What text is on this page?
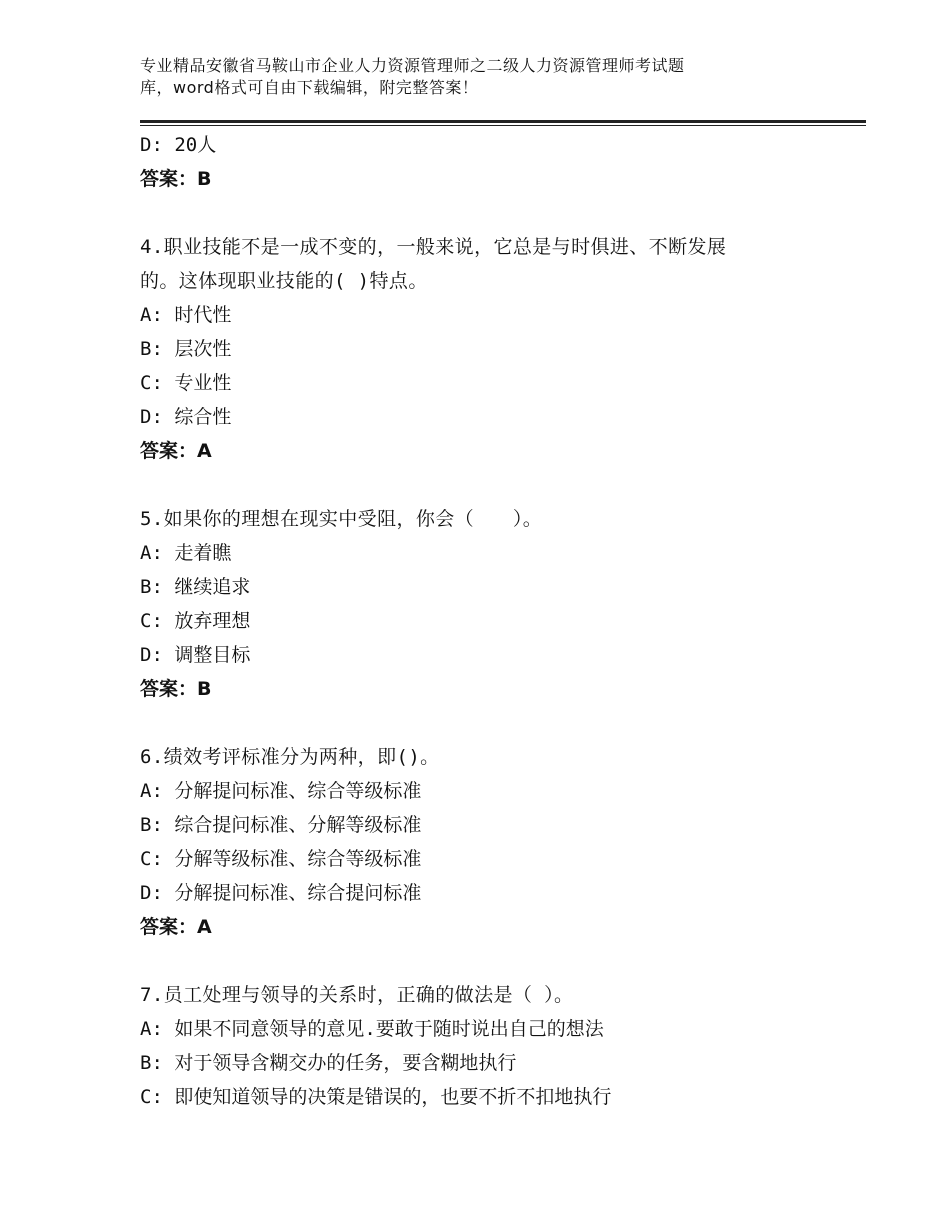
专业精品安徽省马鞍山市企业人力资源管理师之二级人力资源管理师考试题
库，word格式可自由下载编辑，附完整答案！
D: 20人
答案：B
4.职业技能不是一成不变的，一般来说，它总是与时俱进、不断发展
的。这体现职业技能的( )特点。
A: 时代性
B: 层次性
C: 专业性
D: 综合性
答案：A
5.如果你的理想在现实中受阻，你会（　　）。
A: 走着瞧
B: 继续追求
C: 放弃理想
D: 调整目标
答案：B
6.绩效考评标准分为两种，即()。
A: 分解提问标准、综合等级标准
B: 综合提问标准、分解等级标准
C: 分解等级标准、综合等级标准
D: 分解提问标准、综合提问标准
答案：A
7.员工处理与领导的关系时，正确的做法是（ ）。
A: 如果不同意领导的意见.要敢于随时说出自己的想法
B: 对于领导含糊交办的任务，要含糊地执行
C: 即使知道领导的决策是错误的，也要不折不扣地执行
